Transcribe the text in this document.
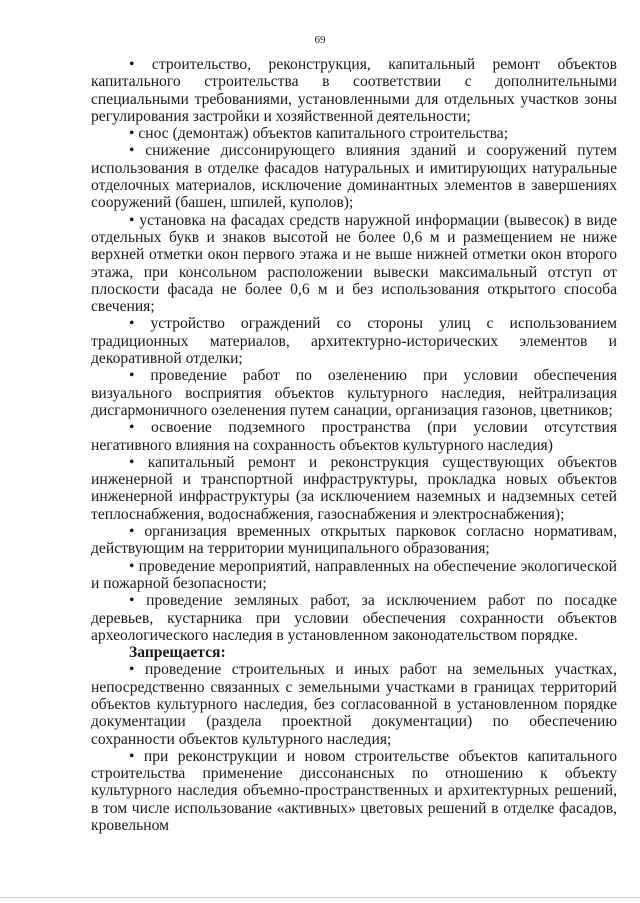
69

• строительство, реконструкция, капитальный ремонт объектов капитального строительства в соответствии с дополнительными специальными требованиями, установленными для отдельных участков зоны регулирования застройки и хозяйственной деятельности;

• снос (демонтаж) объектов капитального строительства;

• снижение диссонирующего влияния зданий и сооружений путем использования в отделке фасадов натуральных и имитирующих натуральные отделочных материалов, исключение доминантных элементов в завершениях сооружений (башен, шпилей, куполов);

• установка на фасадах средств наружной информации (вывесок) в виде отдельных букв и знаков высотой не более 0,6 м и размещением не ниже верхней отметки окон первого этажа и не выше нижней отметки окон второго этажа, при консольном расположении вывески максимальный отступ от плоскости фасада не более 0,6 м и без использования открытого способа свечения;

• устройство ограждений со стороны улиц с использованием традиционных материалов, архитектурно-исторических элементов и декоративной отделки;

• проведение работ по озеленению при условии обеспечения визуального восприятия объектов культурного наследия, нейтрализация дисгармоничного озеленения путем санации, организация газонов, цветников;

• освоение подземного пространства (при условии отсутствия негативного влияния на сохранность объектов культурного наследия)

• капитальный ремонт и реконструкция существующих объектов инженерной и транспортной инфраструктуры, прокладка новых объектов инженерной инфраструктуры (за исключением наземных и надземных сетей теплоснабжения, водоснабжения, газоснабжения и электроснабжения);

• организация временных открытых парковок согласно нормативам, действующим на территории муниципального образования;

• проведение мероприятий, направленных на обеспечение экологической и пожарной безопасности;

• проведение земляных работ, за исключением работ по посадке деревьев, кустарника при условии обеспечения сохранности объектов археологического наследия в установленном законодательством порядке.

Запрещается:

• проведение строительных и иных работ на земельных участках, непосредственно связанных с земельными участками в границах территорий объектов культурного наследия, без согласованной в установленном порядке документации (раздела проектной документации) по обеспечению сохранности объектов культурного наследия;

• при реконструкции и новом строительстве объектов капитального строительства применение диссонансных по отношению к объекту культурного наследия объемно-пространственных и архитектурных решений, в том числе использование «активных» цветовых решений в отделке фасадов, кровельном
